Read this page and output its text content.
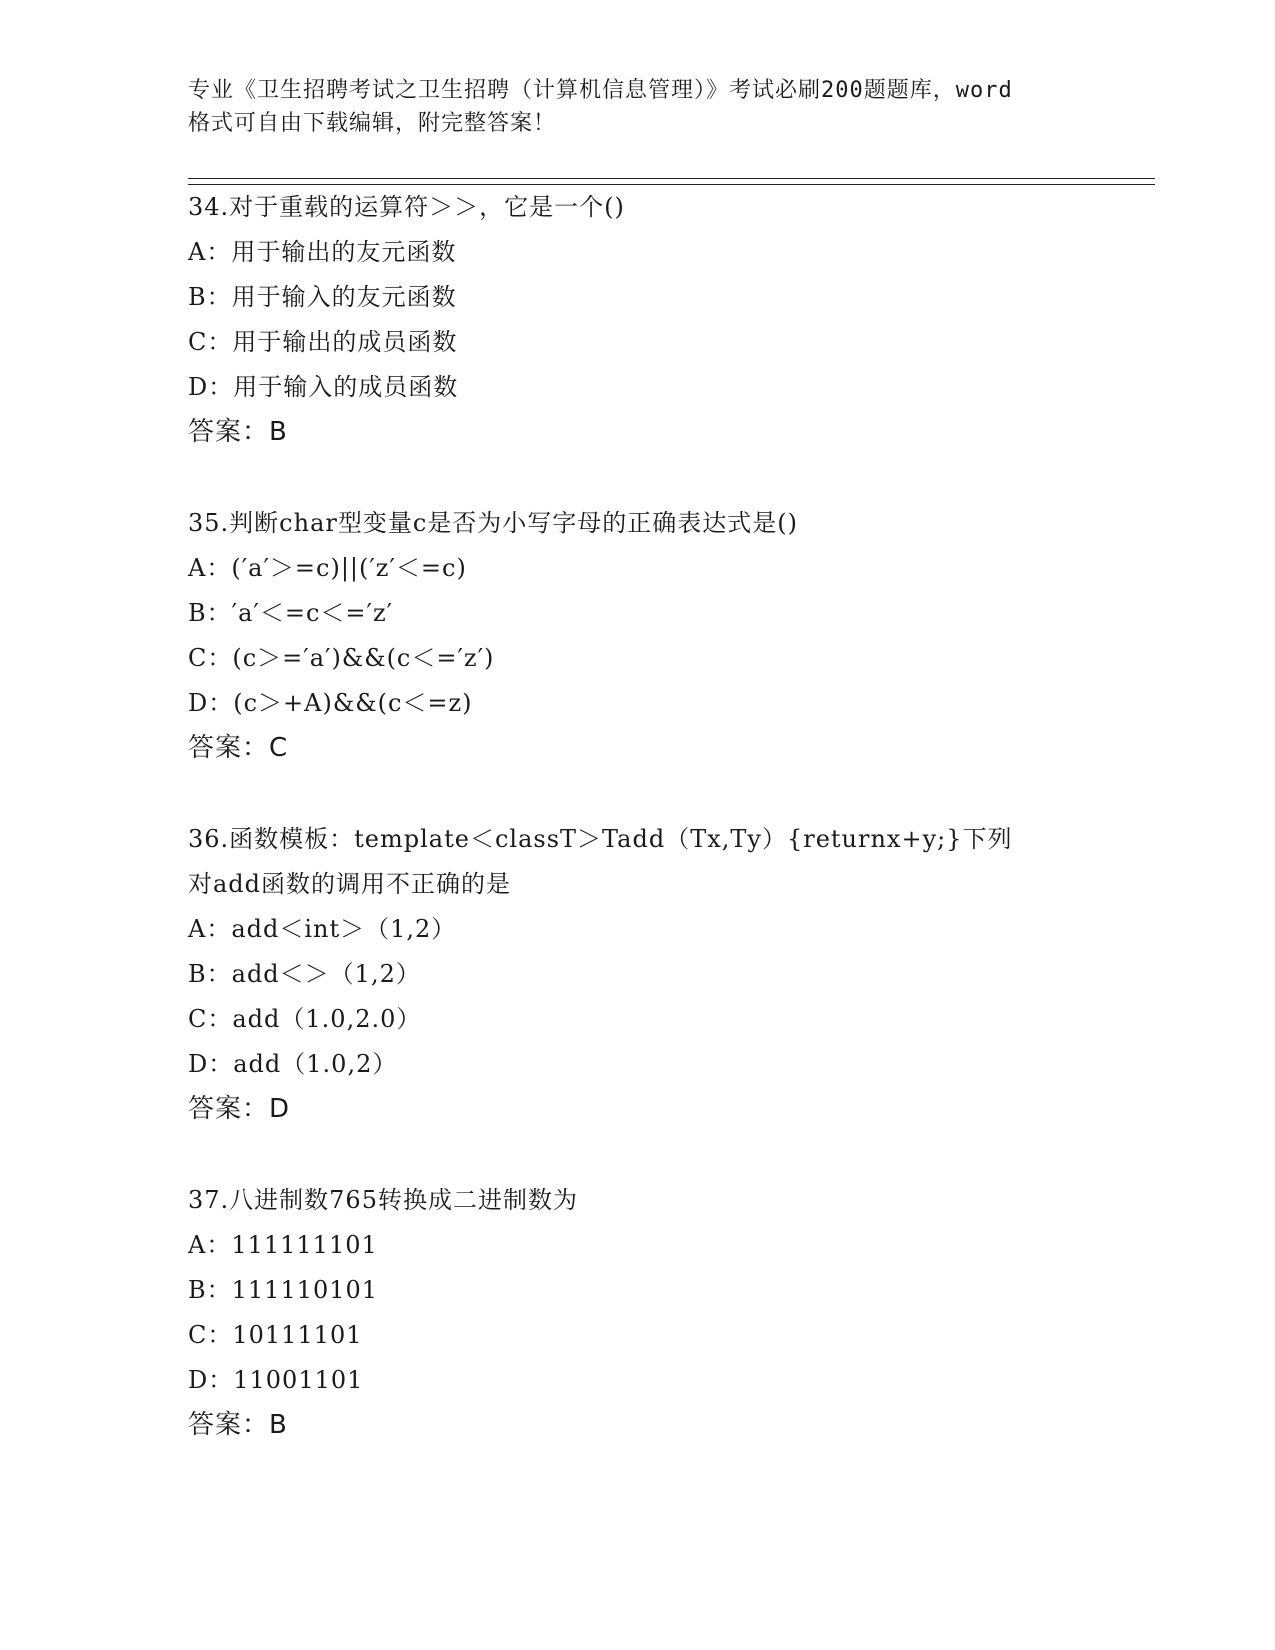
专业《卫生招聘考试之卫生招聘（计算机信息管理）》考试必刷200题题库，word
格式可自由下载编辑，附完整答案！
34.对于重载的运算符＞＞，它是一个()
A：用于输出的友元函数
B：用于输入的友元函数
C：用于输出的成员函数
D：用于输入的成员函数
答案：B
35.判断char型变量c是否为小写字母的正确表达式是()
A：(′a′＞=c)||(′z′＜=c)
B：′a′＜=c＜=′z′
C：(c＞=′a′)&&(c＜=′z′)
D：(c＞+A)&&(c＜=z)
答案：C
36.函数模板：template＜classT＞Tadd（Tx,Ty）{returnx+y;}下列
对add函数的调用不正确的是
A：add＜int＞（1,2）
B：add＜＞（1,2）
C：add（1.0,2.0）
D：add（1.0,2）
答案：D
37.八进制数765转换成二进制数为
A：111111101
B：111110101
C：10111101
D：11001101
答案：B
